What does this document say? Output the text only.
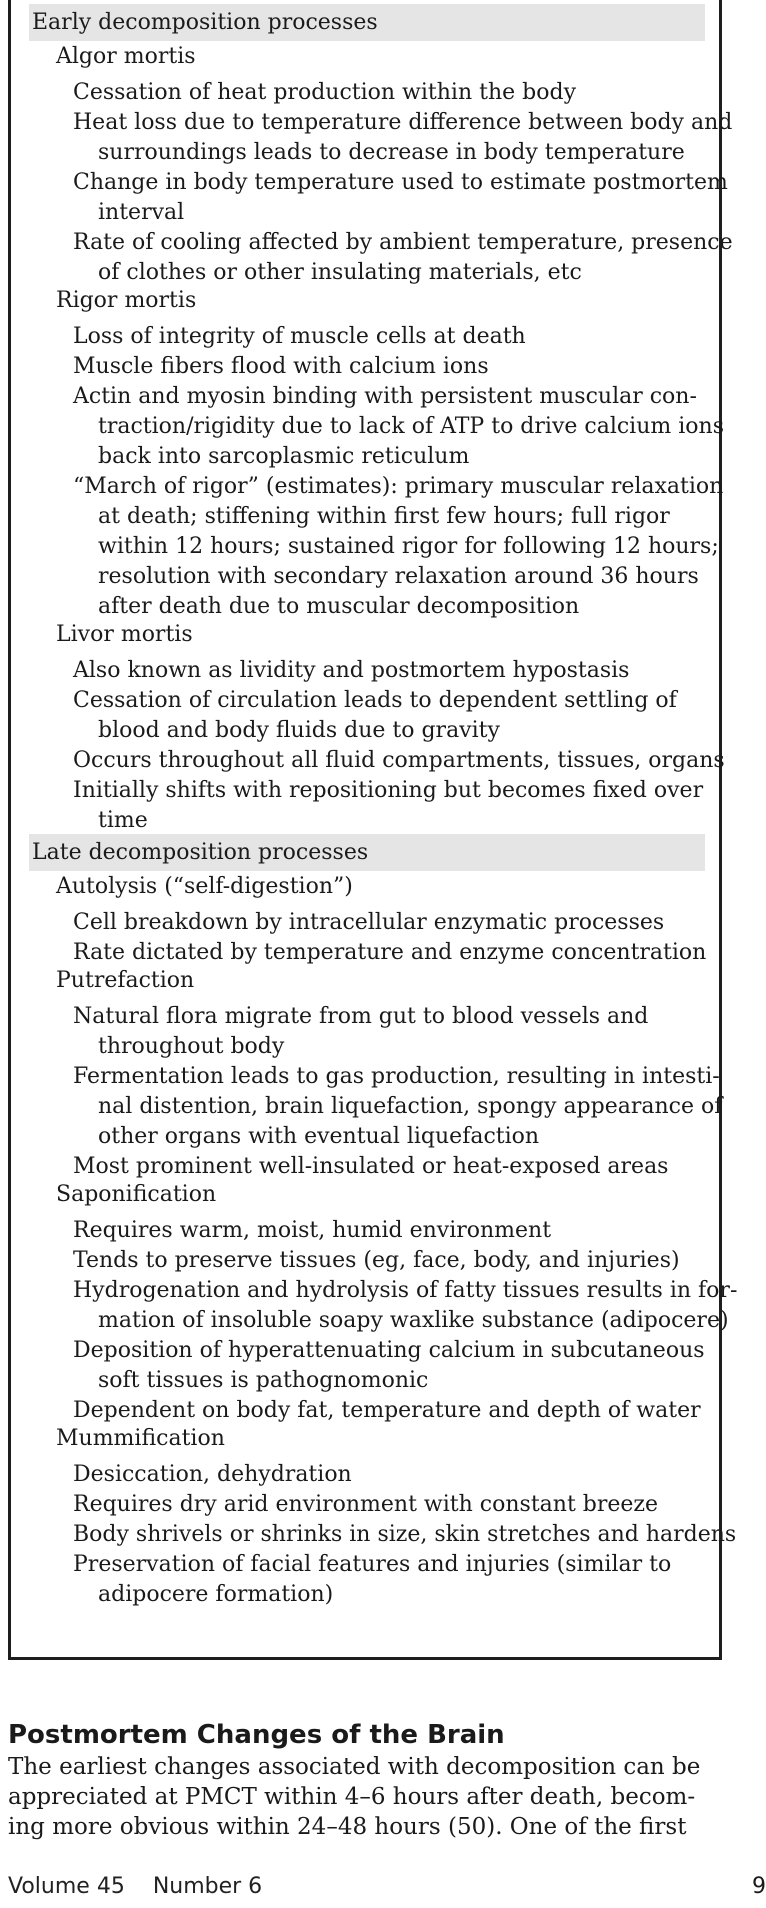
Early decomposition processes
Algor mortis
Cessation of heat production within the body
Heat loss due to temperature difference between body and
surroundings leads to decrease in body temperature
Change in body temperature used to estimate postmortem
interval
Rate of cooling affected by ambient temperature, presence
of clothes or other insulating materials, etc
Rigor mortis
Loss of integrity of muscle cells at death
Muscle fibers flood with calcium ions
Actin and myosin binding with persistent muscular con-
traction/rigidity due to lack of ATP to drive calcium ions
back into sarcoplasmic reticulum
“March of rigor” (estimates): primary muscular relaxation
at death; stiffening within first few hours; full rigor
within 12 hours; sustained rigor for following 12 hours;
resolution with secondary relaxation around 36 hours
after death due to muscular decomposition
Livor mortis
Also known as lividity and postmortem hypostasis
Cessation of circulation leads to dependent settling of
blood and body fluids due to gravity
Occurs throughout all fluid compartments, tissues, organs
Initially shifts with repositioning but becomes fixed over
time
Late decomposition processes
Autolysis (“self-digestion”)
Cell breakdown by intracellular enzymatic processes
Rate dictated by temperature and enzyme concentration
Putrefaction
Natural flora migrate from gut to blood vessels and
throughout body
Fermentation leads to gas production, resulting in intesti-
nal distention, brain liquefaction, spongy appearance of
other organs with eventual liquefaction
Most prominent well-insulated or heat-exposed areas
Saponification
Requires warm, moist, humid environment
Tends to preserve tissues (eg, face, body, and injuries)
Hydrogenation and hydrolysis of fatty tissues results in for-
mation of insoluble soapy waxlike substance (adipocere)
Deposition of hyperattenuating calcium in subcutaneous
soft tissues is pathognomonic
Dependent on body fat, temperature and depth of water
Mummification
Desiccation, dehydration
Requires dry arid environment with constant breeze
Body shrivels or shrinks in size, skin stretches and hardens
Preservation of facial features and injuries (similar to
adipocere formation)
Postmortem Changes of the Brain
The earliest changes associated with decomposition can be
appreciated at PMCT within 4–6 hours after death, becom-
ing more obvious within 24–48 hours (50). One of the first
Volume 45 Number 6	9
